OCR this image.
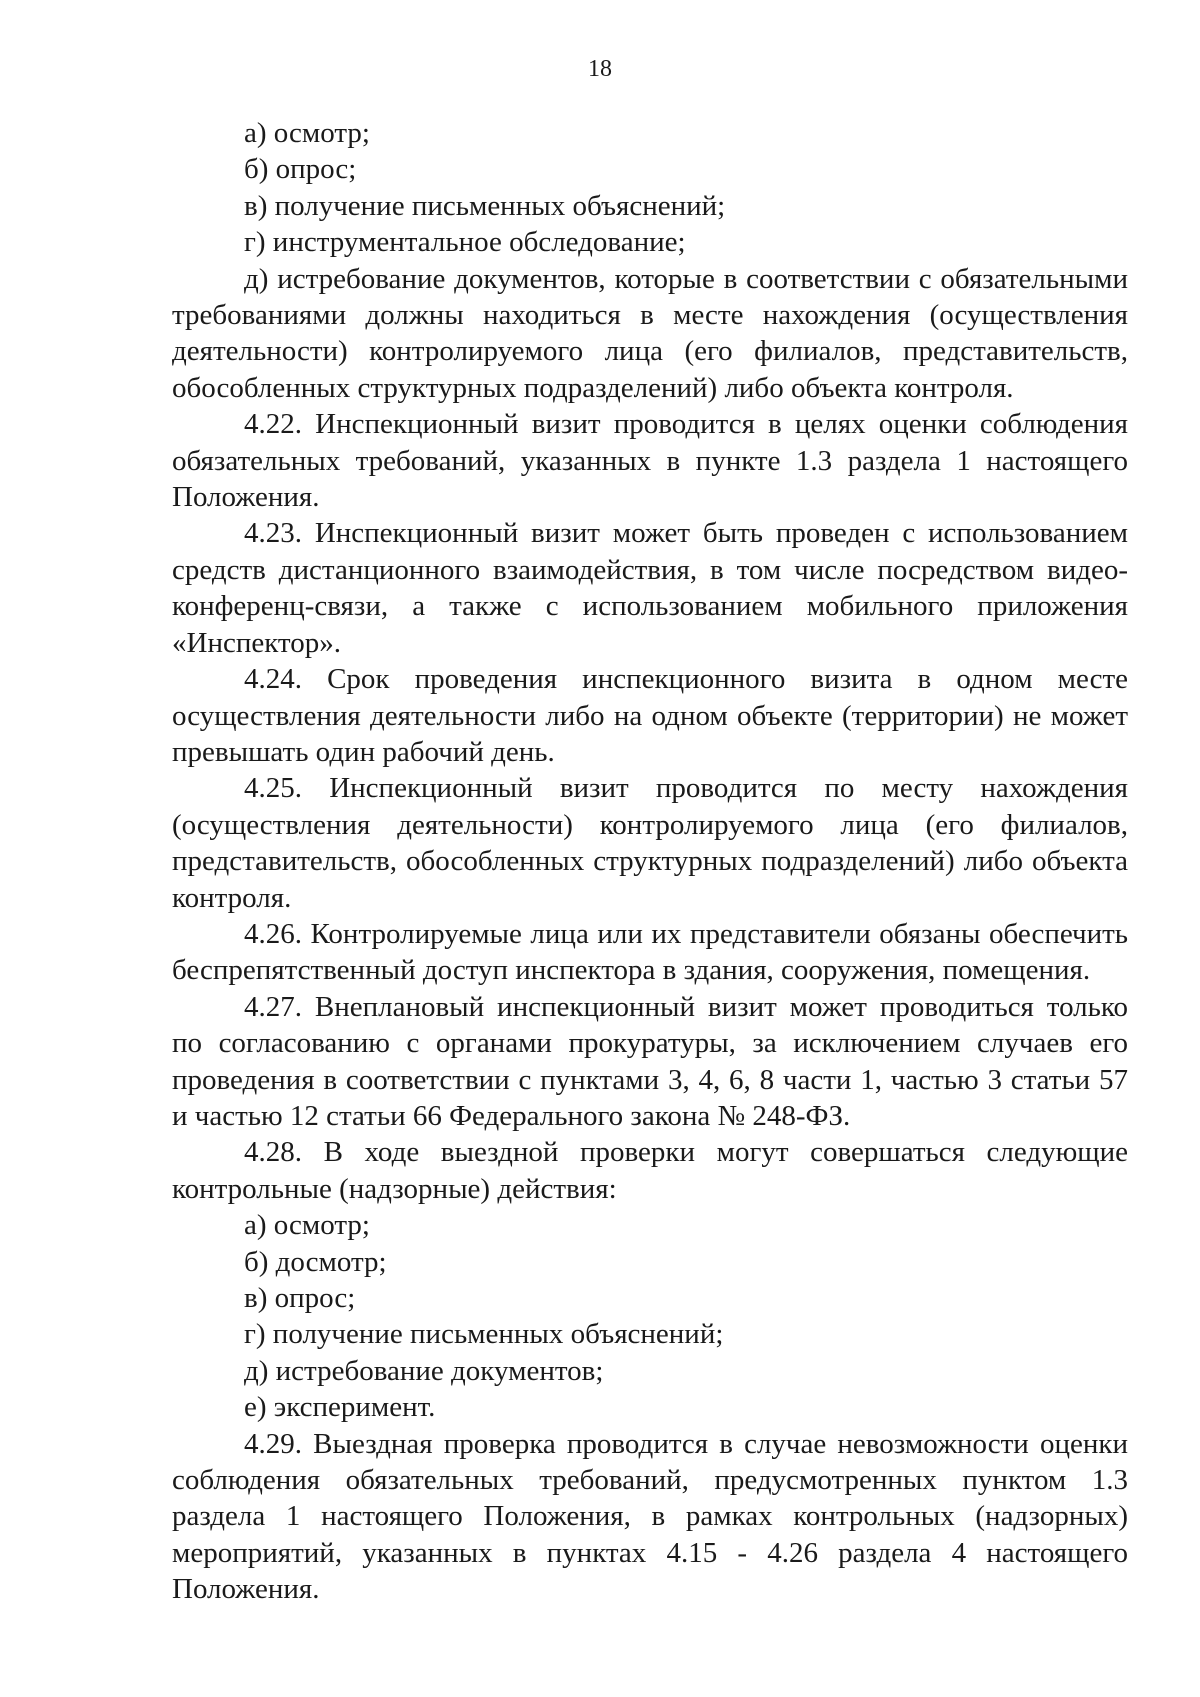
18

а) осмотр;

б) опрос;

в) получение письменных объяснений;

г) инструментальное обследование;

д) истребование документов, которые в соответствии с обязательными требованиями должны находиться в месте нахождения (осуществления деятельности) контролируемого лица (его филиалов, представительств, обособленных структурных подразделений) либо объекта контроля.

4.22. Инспекционный визит проводится в целях оценки соблюдения обязательных требований, указанных в пункте 1.3 раздела 1 настоящего Положения.

4.23. Инспекционный визит может быть проведен с использованием средств дистанционного взаимодействия, в том числе посредством видео-конференц-связи, а также с использованием мобильного приложения «Инспектор».

4.24. Срок проведения инспекционного визита в одном месте осуществления деятельности либо на одном объекте (территории) не может превышать один рабочий день.

4.25. Инспекционный визит проводится по месту нахождения (осуществления деятельности) контролируемого лица (его филиалов, представительств, обособленных структурных подразделений) либо объекта контроля.

4.26. Контролируемые лица или их представители обязаны обеспечить беспрепятственный доступ инспектора в здания, сооружения, помещения.

4.27. Внеплановый инспекционный визит может проводиться только по согласованию с органами прокуратуры, за исключением случаев его проведения в соответствии с пунктами 3, 4, 6, 8 части 1, частью 3 статьи 57 и частью 12 статьи 66 Федерального закона № 248-ФЗ.

4.28. В ходе выездной проверки могут совершаться следующие контрольные (надзорные) действия:

а) осмотр;

б) досмотр;

в) опрос;

г) получение письменных объяснений;

д) истребование документов;

е) эксперимент.

4.29. Выездная проверка проводится в случае невозможности оценки соблюдения обязательных требований, предусмотренных пунктом 1.3 раздела 1 настоящего Положения, в рамках контрольных (надзорных) мероприятий, указанных в пунктах 4.15 - 4.26 раздела 4 настоящего Положения.
